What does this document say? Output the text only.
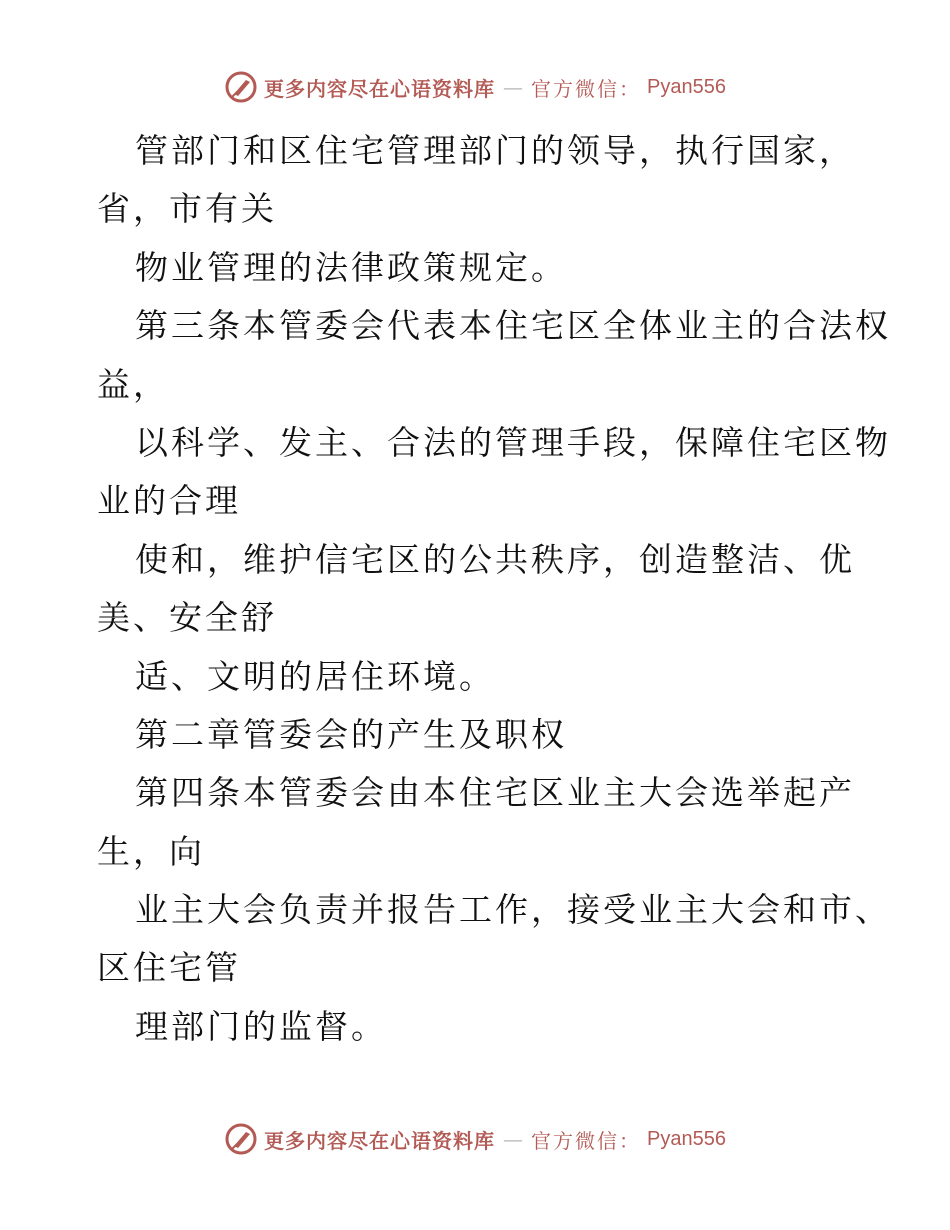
更多内容尽在心语资料库 — 官方微信： Pyan556
管部门和区住宅管理部门的领导，执行国家，
省，市有关
物业管理的法律政策规定。
第三条本管委会代表本住宅区全体业主的合法权
益，
以科学、发主、合法的管理手段，保障住宅区物
业的合理
使和，维护信宅区的公共秩序，创造整洁、优
美、安全舒
适、文明的居住环境。
第二章管委会的产生及职权
第四条本管委会由本住宅区业主大会选举起产
生，向
业主大会负责并报告工作，接受业主大会和市、
区住宅管
理部门的监督。
更多内容尽在心语资料库 — 官方微信： Pyan556
